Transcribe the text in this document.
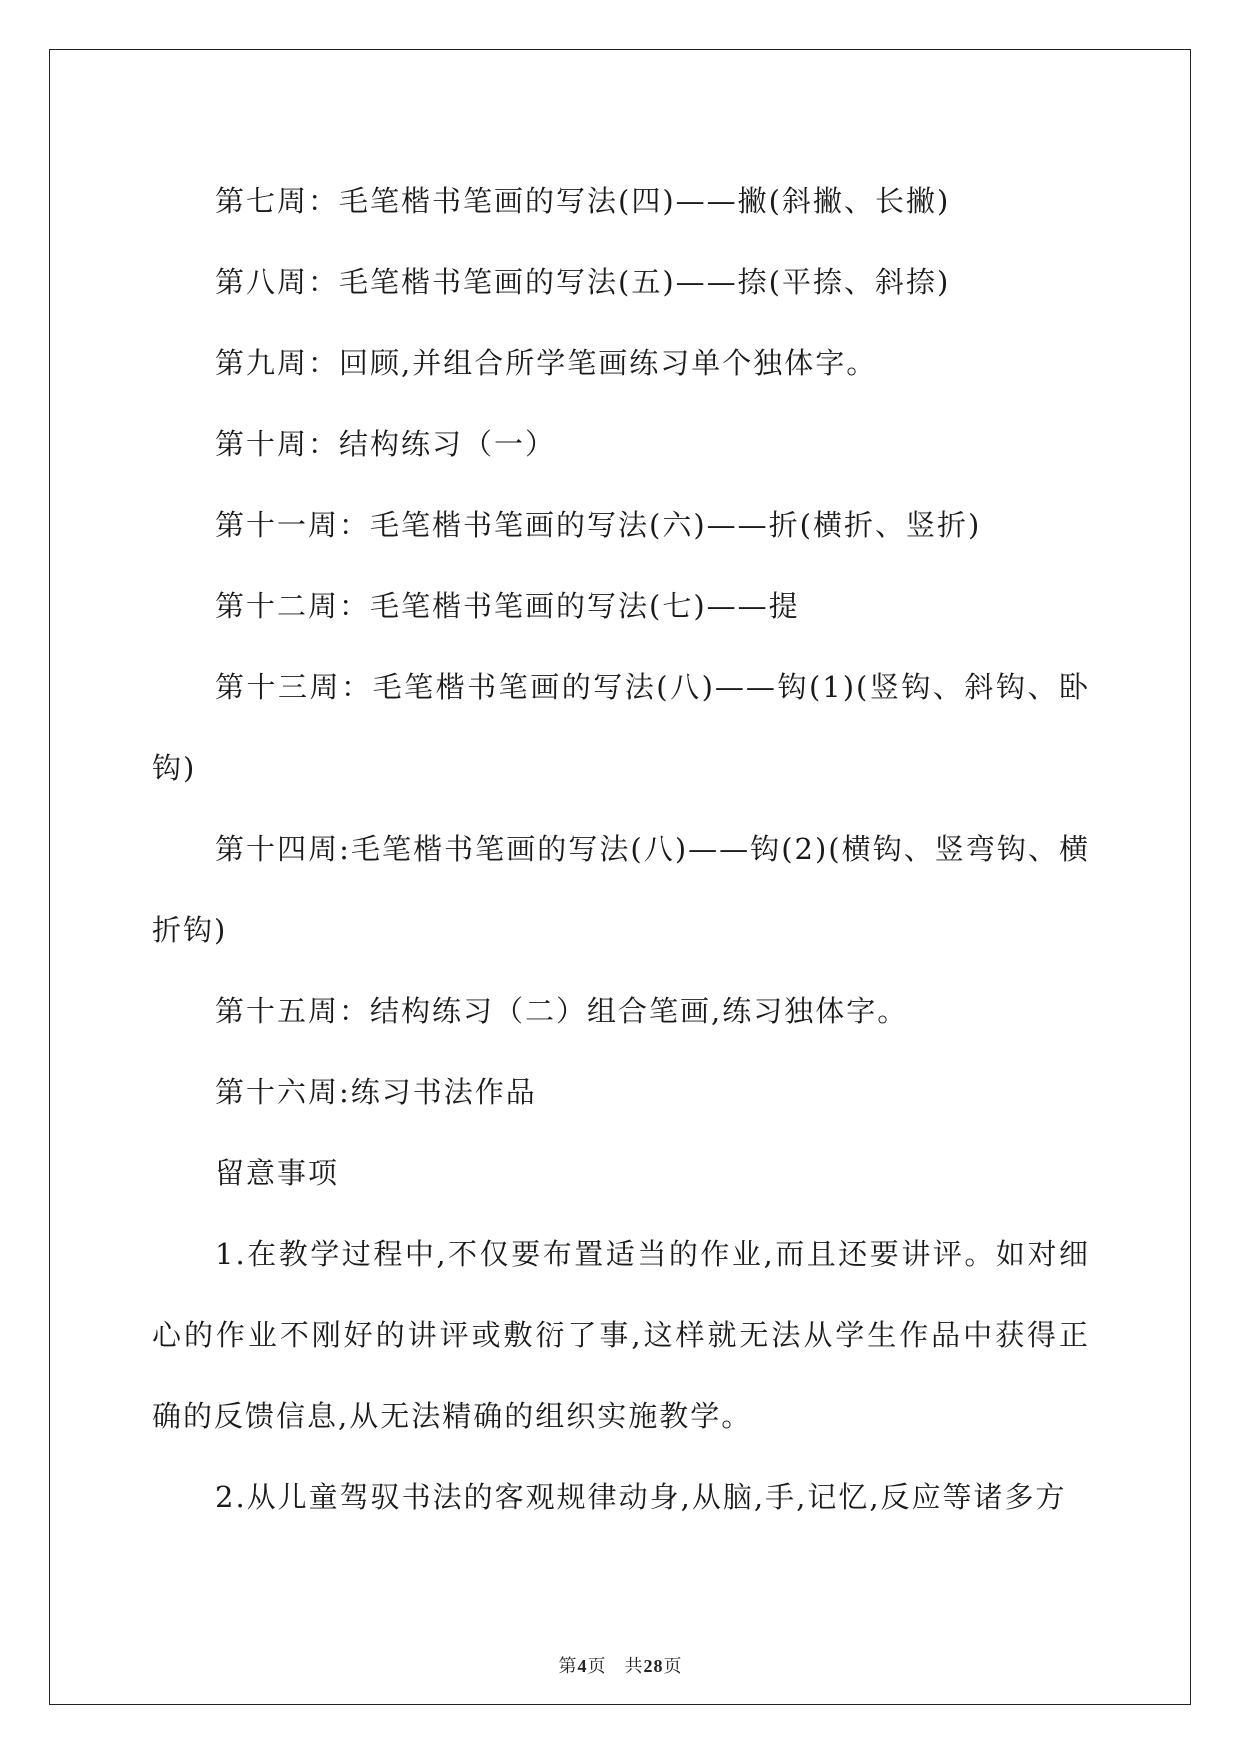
第七周：毛笔楷书笔画的写法(四)——撇(斜撇、长撇)

第八周：毛笔楷书笔画的写法(五)——捺(平捺、斜捺)

第九周：回顾,并组合所学笔画练习单个独体字。

第十周：结构练习（一）

第十一周：毛笔楷书笔画的写法(六)——折(横折、竖折)

第十二周：毛笔楷书笔画的写法(七)——提

第十三周：毛笔楷书笔画的写法(八)——钩(1)(竖钩、斜钩、卧钩)

第十四周:毛笔楷书笔画的写法(八)——钩(2)(横钩、竖弯钩、横折钩)

第十五周：结构练习（二）组合笔画,练习独体字。

第十六周:练习书法作品

留意事项

1.在教学过程中,不仅要布置适当的作业,而且还要讲评。如对细心的作业不刚好的讲评或敷衍了事,这样就无法从学生作品中获得正确的反馈信息,从无法精确的组织实施教学。

2.从儿童驾驭书法的客观规律动身,从脑,手,记忆,反应等诸多方

第4页 共28页
